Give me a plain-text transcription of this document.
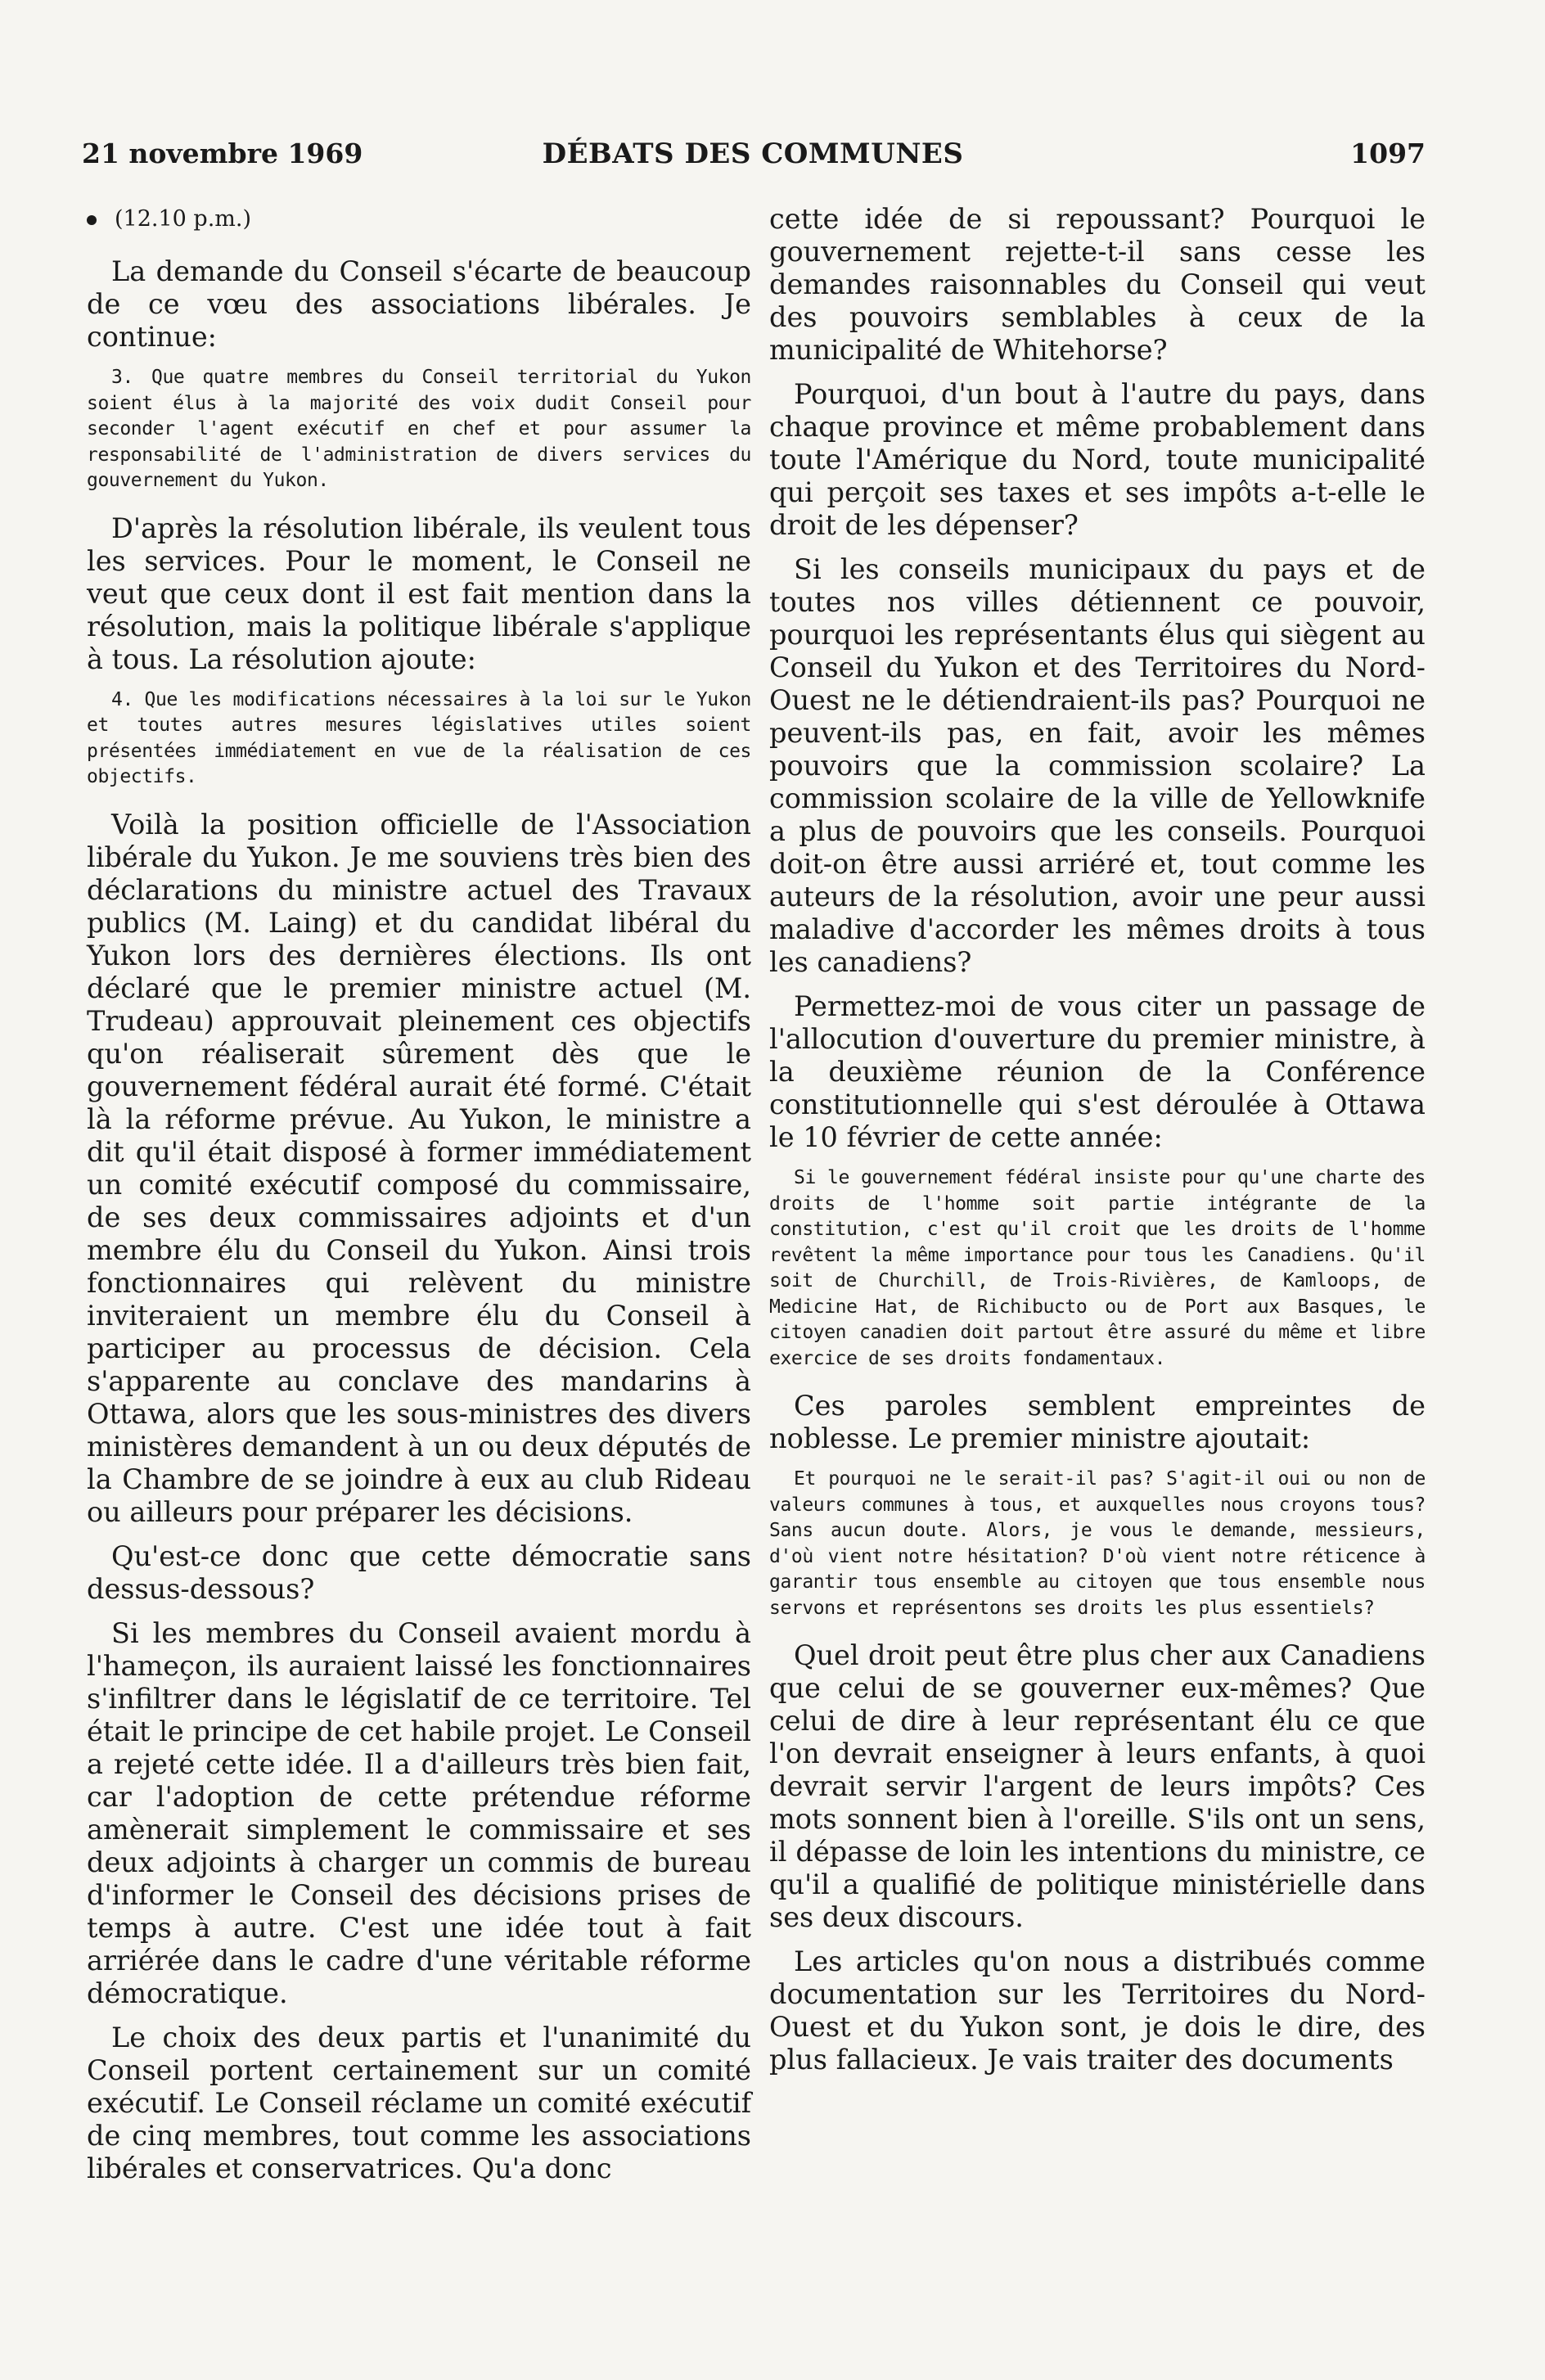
21 novembre 1969	DÉBATS DES COMMUNES	1097
(12.10 p.m.)

La demande du Conseil s'écarte de beaucoup de ce vœu des associations libérales. Je continue:

3. Que quatre membres du Conseil territorial du Yukon soient élus à la majorité des voix dudit Conseil pour seconder l'agent exécutif en chef et pour assumer la responsabilité de l'administration de divers services du gouvernement du Yukon.

D'après la résolution libérale, ils veulent tous les services. Pour le moment, le Conseil ne veut que ceux dont il est fait mention dans la résolution, mais la politique libérale s'applique à tous. La résolution ajoute:

4. Que les modifications nécessaires à la loi sur le Yukon et toutes autres mesures législatives utiles soient présentées immédiatement en vue de la réalisation de ces objectifs.

Voilà la position officielle de l'Association libérale du Yukon. Je me souviens très bien des déclarations du ministre actuel des Travaux publics (M. Laing) et du candidat libéral du Yukon lors des dernières élections. Ils ont déclaré que le premier ministre actuel (M. Trudeau) approuvait pleinement ces objectifs qu'on réaliserait sûrement dès que le gouvernement fédéral aurait été formé. C'était là la réforme prévue. Au Yukon, le ministre a dit qu'il était disposé à former immédiatement un comité exécutif composé du commissaire, de ses deux commissaires adjoints et d'un membre élu du Conseil du Yukon. Ainsi trois fonctionnaires qui relèvent du ministre inviteraient un membre élu du Conseil à participer au processus de décision. Cela s'apparente au conclave des mandarins à Ottawa, alors que les sous-ministres des divers ministères demandent à un ou deux députés de la Chambre de se joindre à eux au club Rideau ou ailleurs pour préparer les décisions.

Qu'est-ce donc que cette démocratie sans dessus-dessous?

Si les membres du Conseil avaient mordu à l'hameçon, ils auraient laissé les fonctionnaires s'infiltrer dans le législatif de ce territoire. Tel était le principe de cet habile projet. Le Conseil a rejeté cette idée. Il a d'ailleurs très bien fait, car l'adoption de cette prétendue réforme amènerait simplement le commissaire et ses deux adjoints à charger un commis de bureau d'informer le Conseil des décisions prises de temps à autre. C'est une idée tout à fait arriérée dans le cadre d'une véritable réforme démocratique.

Le choix des deux partis et l'unanimité du Conseil portent certainement sur un comité exécutif. Le Conseil réclame un comité exécutif de cinq membres, tout comme les associations libérales et conservatrices. Qu'a donc

cette idée de si repoussant? Pourquoi le gouvernement rejette-t-il sans cesse les demandes raisonnables du Conseil qui veut des pouvoirs semblables à ceux de la municipalité de Whitehorse?

Pourquoi, d'un bout à l'autre du pays, dans chaque province et même probablement dans toute l'Amérique du Nord, toute municipalité qui perçoit ses taxes et ses impôts a-t-elle le droit de les dépenser?

Si les conseils municipaux du pays et de toutes nos villes détiennent ce pouvoir, pourquoi les représentants élus qui siègent au Conseil du Yukon et des Territoires du Nord-Ouest ne le détiendraient-ils pas? Pourquoi ne peuvent-ils pas, en fait, avoir les mêmes pouvoirs que la commission scolaire? La commission scolaire de la ville de Yellowknife a plus de pouvoirs que les conseils. Pourquoi doit-on être aussi arriéré et, tout comme les auteurs de la résolution, avoir une peur aussi maladive d'accorder les mêmes droits à tous les canadiens?

Permettez-moi de vous citer un passage de l'allocution d'ouverture du premier ministre, à la deuxième réunion de la Conférence constitutionnelle qui s'est déroulée à Ottawa le 10 février de cette année:

Si le gouvernement fédéral insiste pour qu'une charte des droits de l'homme soit partie intégrante de la constitution, c'est qu'il croit que les droits de l'homme revêtent la même importance pour tous les Canadiens. Qu'il soit de Churchill, de Trois-Rivières, de Kamloops, de Medicine Hat, de Richibucto ou de Port aux Basques, le citoyen canadien doit partout être assuré du même et libre exercice de ses droits fondamentaux.

Ces paroles semblent empreintes de noblesse. Le premier ministre ajoutait:

Et pourquoi ne le serait-il pas? S'agit-il oui ou non de valeurs communes à tous, et auxquelles nous croyons tous? Sans aucun doute. Alors, je vous le demande, messieurs, d'où vient notre hésitation? D'où vient notre réticence à garantir tous ensemble au citoyen que tous ensemble nous servons et représentons ses droits les plus essentiels?

Quel droit peut être plus cher aux Canadiens que celui de se gouverner eux-mêmes? Que celui de dire à leur représentant élu ce que l'on devrait enseigner à leurs enfants, à quoi devrait servir l'argent de leurs impôts? Ces mots sonnent bien à l'oreille. S'ils ont un sens, il dépasse de loin les intentions du ministre, ce qu'il a qualifié de politique ministérielle dans ses deux discours.

Les articles qu'on nous a distribués comme documentation sur les Territoires du Nord-Ouest et du Yukon sont, je dois le dire, des plus fallacieux. Je vais traiter des documents
